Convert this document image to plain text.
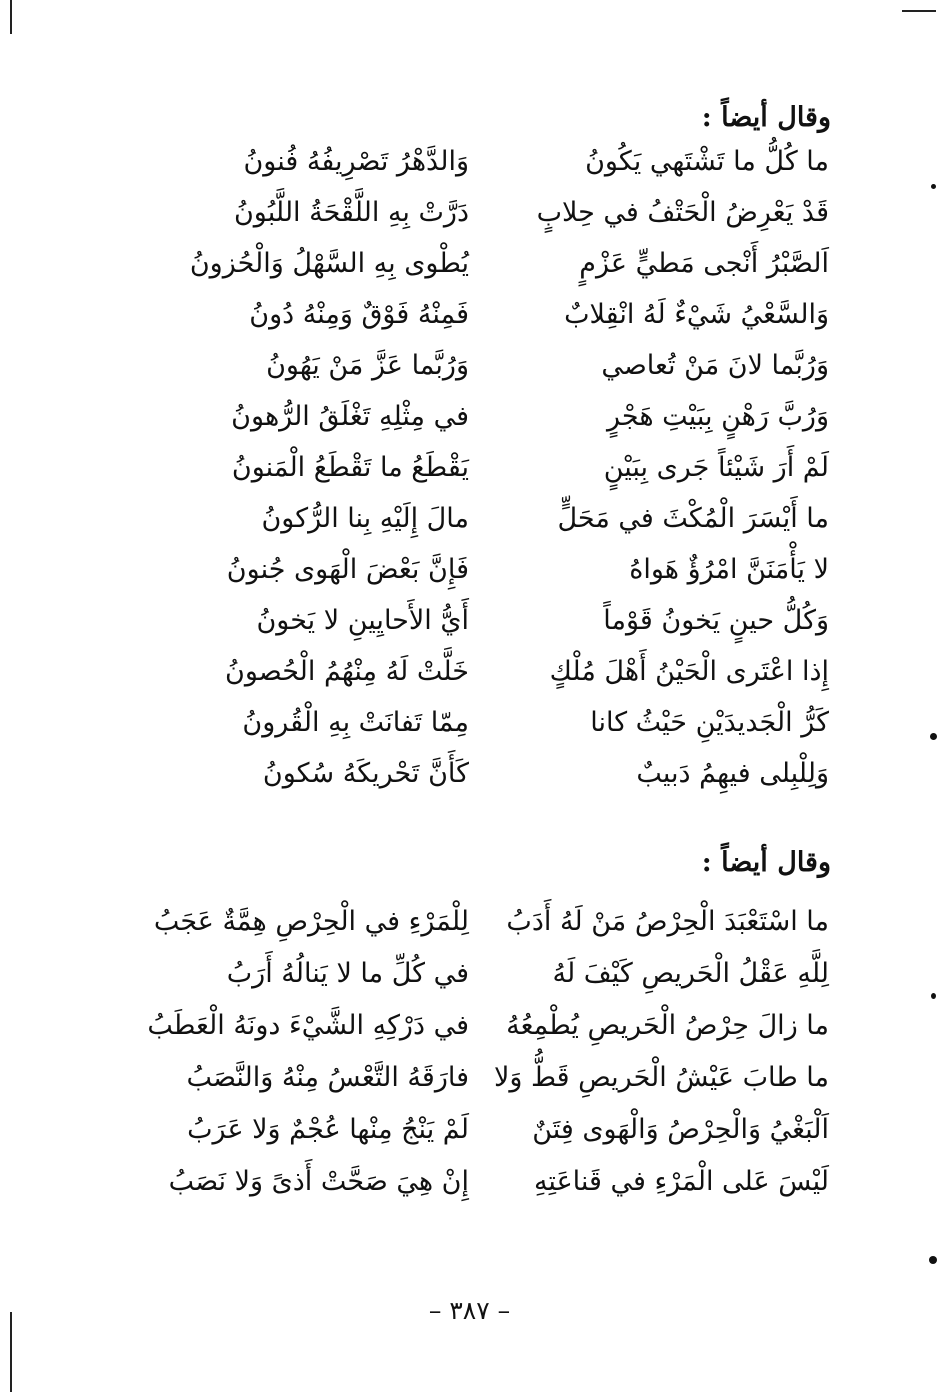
وقال أيضاً :
ما كُلُّ ما تَشْتَهي يَكُونُ
وَالدَّهْرُ تَصْرِيفُهُ فُنونُ
قَدْ يَعْرِضُ الْحَتْفُ في حِلابٍ
دَرَّتْ بِهِ اللَّقْحَةُ اللَّبُونُ
اَلصَّبْرُ أَنْجى مَطيٍّ عَزْمٍ
يُطْوى بِهِ السَّهْلُ وَالْحُزونُ
وَالسَّعْيُ شَيْءٌ لَهُ انْقِلابٌ
فَمِنْهُ فَوْقٌ وَمِنْهُ دُونُ
وَرُبَّما لانَ مَنْ تُعاصي
وَرُبَّما عَزَّ مَنْ يَهُونُ
وَرُبَّ رَهْنٍ بِبَيْتِ هَجْرٍ
في مِثْلِهِ تَغْلَقُ الرُّهونُ
لَمْ أَرَ شَيْئاً جَرى بِبَيْنٍ
يَقْطَعُ ما تَقْطَعُ الْمَنونُ
ما أَيْسَرَ الْمُكْثَ في مَحَلٍّ
مالَ إِلَيْهِ بِنا الرُّكونُ
لا يَأْمَنَنَّ امْرُؤٌ هَواهُ
فَإِنَّ بَعْضَ الْهَوى جُنونُ
وَكُلُّ حينٍ يَخونُ قَوْماً
أَيُّ الأَحايِينِ لا يَخونُ
إِذا اعْتَرى الْحَيْنُ أَهْلَ مُلْكٍ
خَلَّتْ لَهُ مِنْهُمُ الْحُصونُ
كَرُّ الْجَديدَيْنِ حَيْثُ كانا
مِمّا تَفانَتْ بِهِ الْقُرونُ
وَلِلْبِلى فيهِمُ دَبيبٌ
كَأَنَّ تَحْريكَهُ سُكونُ
وقال أيضاً :
ما اسْتَعْبَدَ الْحِرْصُ مَنْ لَهُ أَدَبُ
لِلْمَرْءِ في الْحِرْصِ هِمَّةٌ عَجَبُ
لِلَّهِ عَقْلُ الْحَريصِ كَيْفَ لَهُ
في كُلِّ ما لا يَنالُهُ أَرَبُ
ما زالَ حِرْصُ الْحَريصِ يُطْمِعُهُ
في دَرْكِهِ الشَّيْءَ دونَهُ الْعَطَبُ
ما طابَ عَيْشُ الْحَريصِ قَطُّ وَلا
فارَقَهُ التَّعْسُ مِنْهُ وَالنَّصَبُ
اَلْبَغْيُ وَالْحِرْصُ وَالْهَوى فِتَنٌ
لَمْ يَنْجُ مِنْها عُجْمٌ وَلا عَرَبُ
لَيْسَ عَلى الْمَرْءِ في قَناعَتِهِ
إِنْ هِيَ صَحَّتْ أَذىً وَلا نَصَبُ
– ٣٨٧ –
